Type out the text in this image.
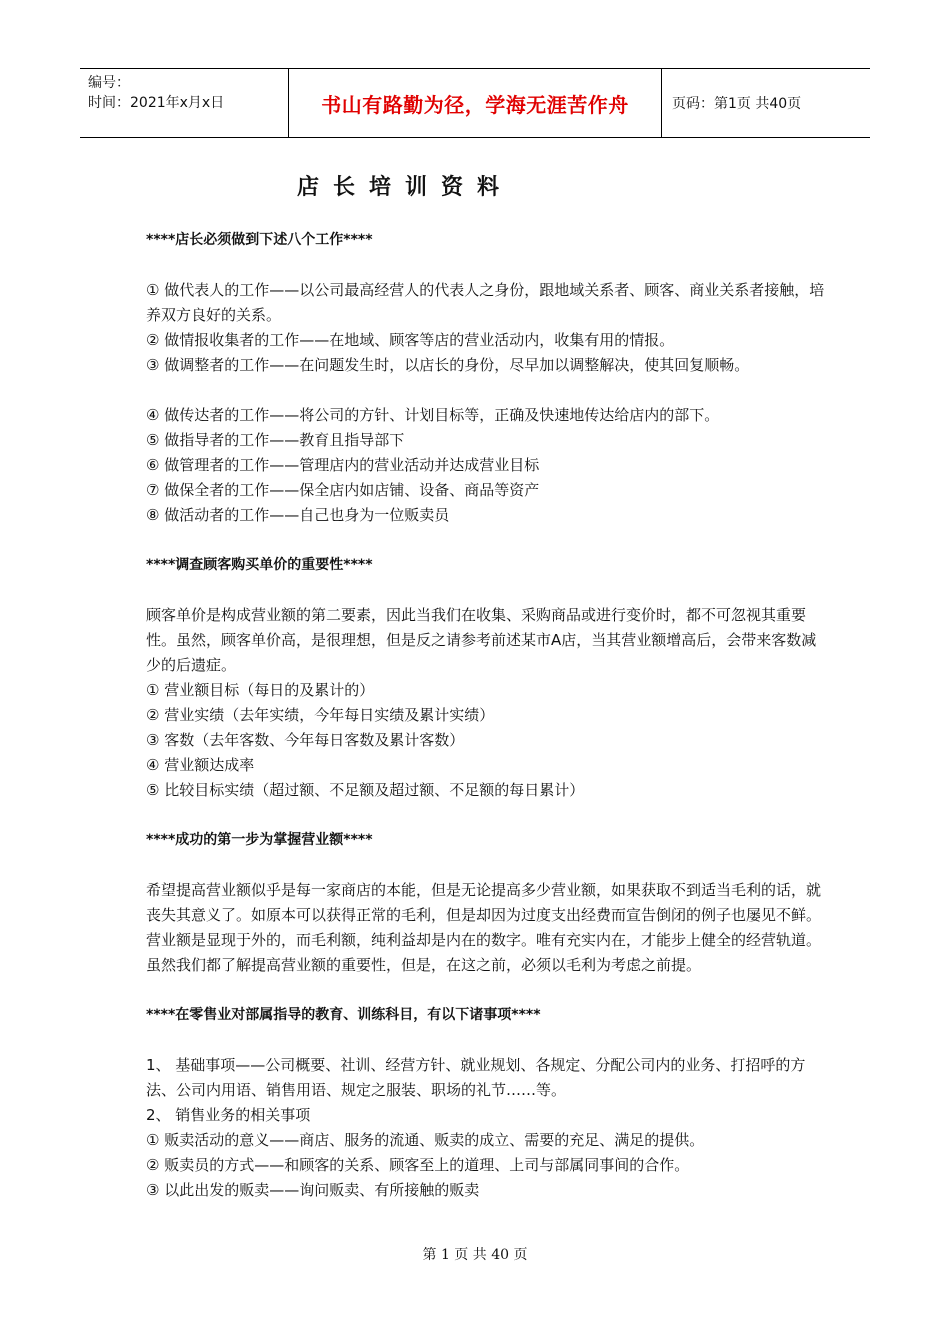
编号：
时间：2021年x月x日	书山有路勤为径，学海无涯苦作舟	页码：第1页 共40页
店长培训资料

****店长必须做到下述八个工作****

① 做代表人的工作——以公司最高经营人的代表人之身份，跟地域关系者、顾客、商业关系者接触，培养双方良好的关系。

② 做情报收集者的工作——在地域、顾客等店的营业活动内，收集有用的情报。

③ 做调整者的工作——在问题发生时，以店长的身份，尽早加以调整解决，使其回复顺畅。

④ 做传达者的工作——将公司的方针、计划目标等，正确及快速地传达给店内的部下。

⑤ 做指导者的工作——教育且指导部下

⑥ 做管理者的工作——管理店内的营业活动并达成营业目标

⑦ 做保全者的工作——保全店内如店铺、设备、商品等资产

⑧ 做活动者的工作——自己也身为一位贩卖员

****调查顾客购买单价的重要性****

顾客单价是构成营业额的第二要素，因此当我们在收集、采购商品或进行变价时，都不可忽视其重要性。虽然，顾客单价高，是很理想，但是反之请参考前述某市A店，当其营业额增高后，会带来客数减少的后遗症。

① 营业额目标（每日的及累计的）

② 营业实绩（去年实绩，今年每日实绩及累计实绩）

③ 客数（去年客数、今年每日客数及累计客数）

④ 营业额达成率

⑤ 比较目标实绩（超过额、不足额及超过额、不足额的每日累计）

****成功的第一步为掌握营业额****

希望提高营业额似乎是每一家商店的本能，但是无论提高多少营业额，如果获取不到适当毛利的话，就丧失其意义了。如原本可以获得正常的毛利，但是却因为过度支出经费而宣告倒闭的例子也屡见不鲜。营业额是显现于外的，而毛利额，纯利益却是内在的数字。唯有充实内在，才能步上健全的经营轨道。虽然我们都了解提高营业额的重要性，但是，在这之前，必须以毛利为考虑之前提。

****在零售业对部属指导的教育、训练科目，有以下诸事项****

1、 基础事项——公司概要、社训、经营方针、就业规划、各规定、分配公司内的业务、打招呼的方法、公司内用语、销售用语、规定之服装、职场的礼节……等。

2、 销售业务的相关事项

① 贩卖活动的意义——商店、服务的流通、贩卖的成立、需要的充足、满足的提供。

② 贩卖员的方式——和顾客的关系、顾客至上的道理、上司与部属同事间的合作。

③ 以此出发的贩卖——询问贩卖、有所接触的贩卖

第 1 页 共 40 页
